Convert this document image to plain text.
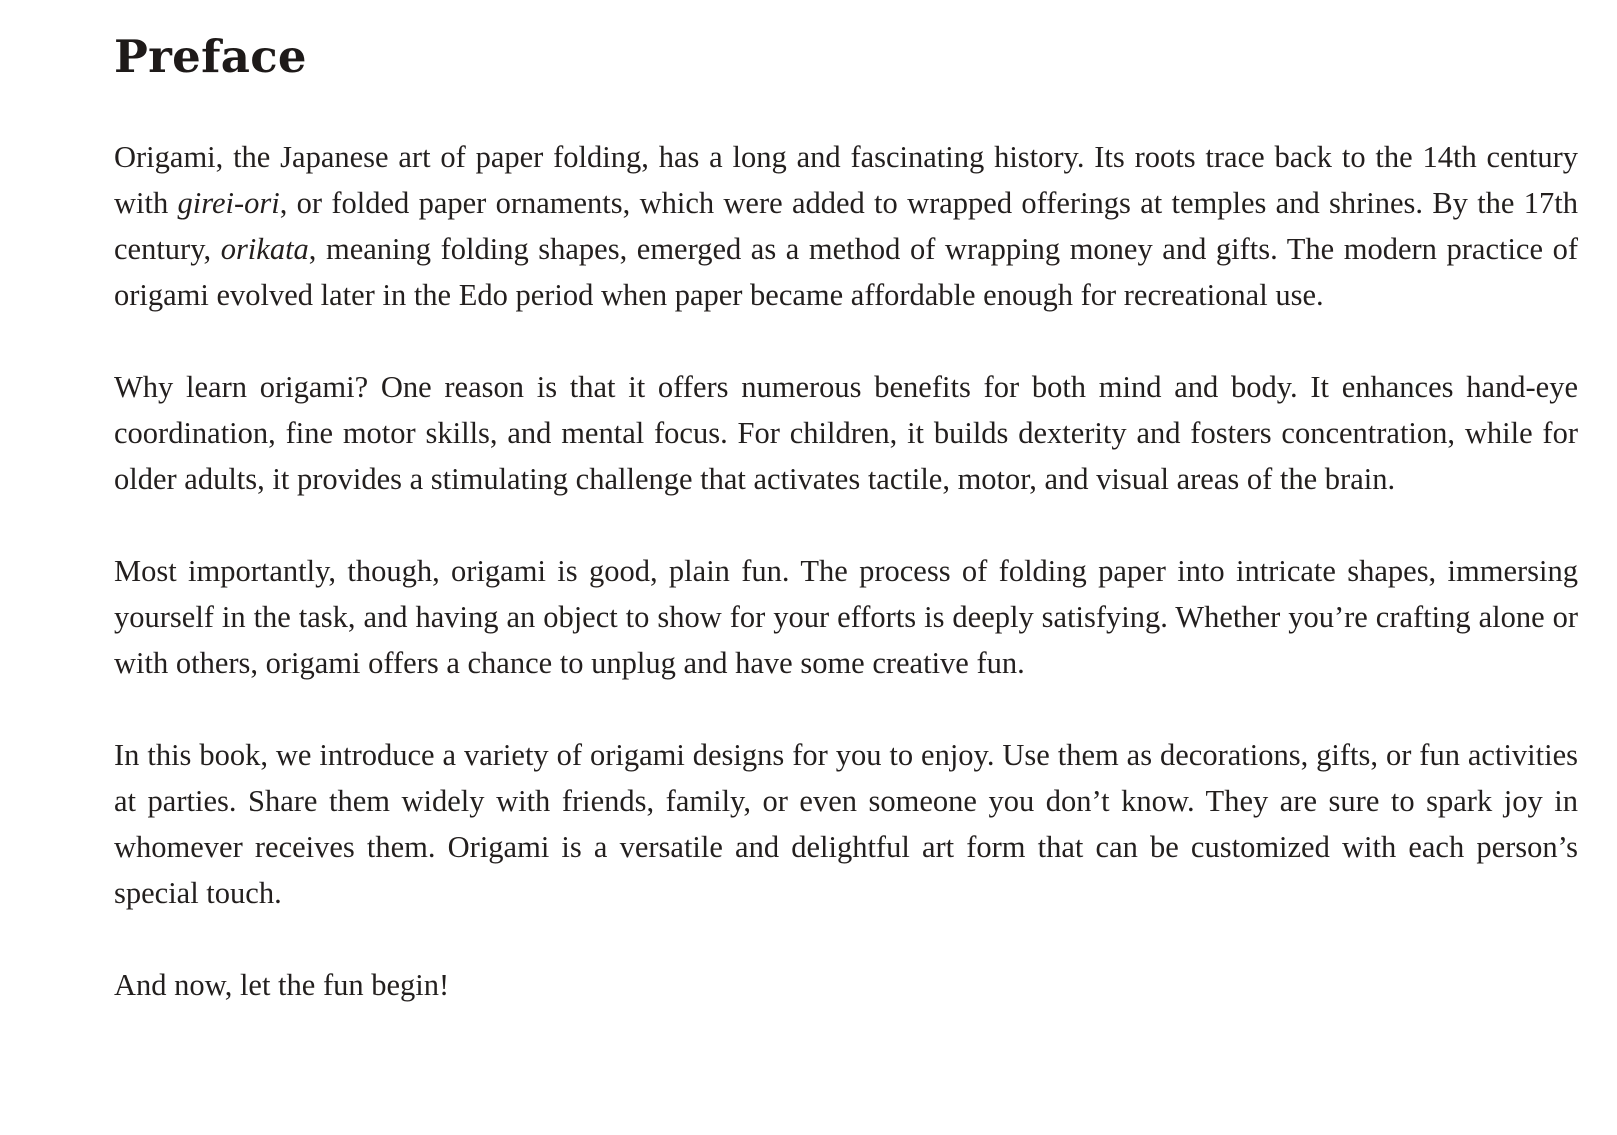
Preface

Origami, the Japanese art of paper folding, has a long and fascinating history. Its roots trace back to the 14th century with girei-ori, or folded paper ornaments, which were added to wrapped offerings at temples and shrines. By the 17th century, orikata, meaning folding shapes, emerged as a method of wrapping money and gifts. The modern practice of origami evolved later in the Edo period when paper became affordable enough for recreational use.

Why learn origami? One reason is that it offers numerous benefits for both mind and body. It enhances hand-eye coordination, fine motor skills, and mental focus. For children, it builds dexterity and fosters concentration, while for older adults, it provides a stimulating challenge that activates tactile, motor, and visual areas of the brain.

Most importantly, though, origami is good, plain fun. The process of folding paper into intricate shapes, immersing yourself in the task, and having an object to show for your efforts is deeply satisfying. Whether you’re crafting alone or with others, origami offers a chance to unplug and have some creative fun.

In this book, we introduce a variety of origami designs for you to enjoy. Use them as decorations, gifts, or fun activities at parties. Share them widely with friends, family, or even someone you don’t know. They are sure to spark joy in whomever receives them. Origami is a versatile and delightful art form that can be customized with each person’s special touch.

And now, let the fun begin!
